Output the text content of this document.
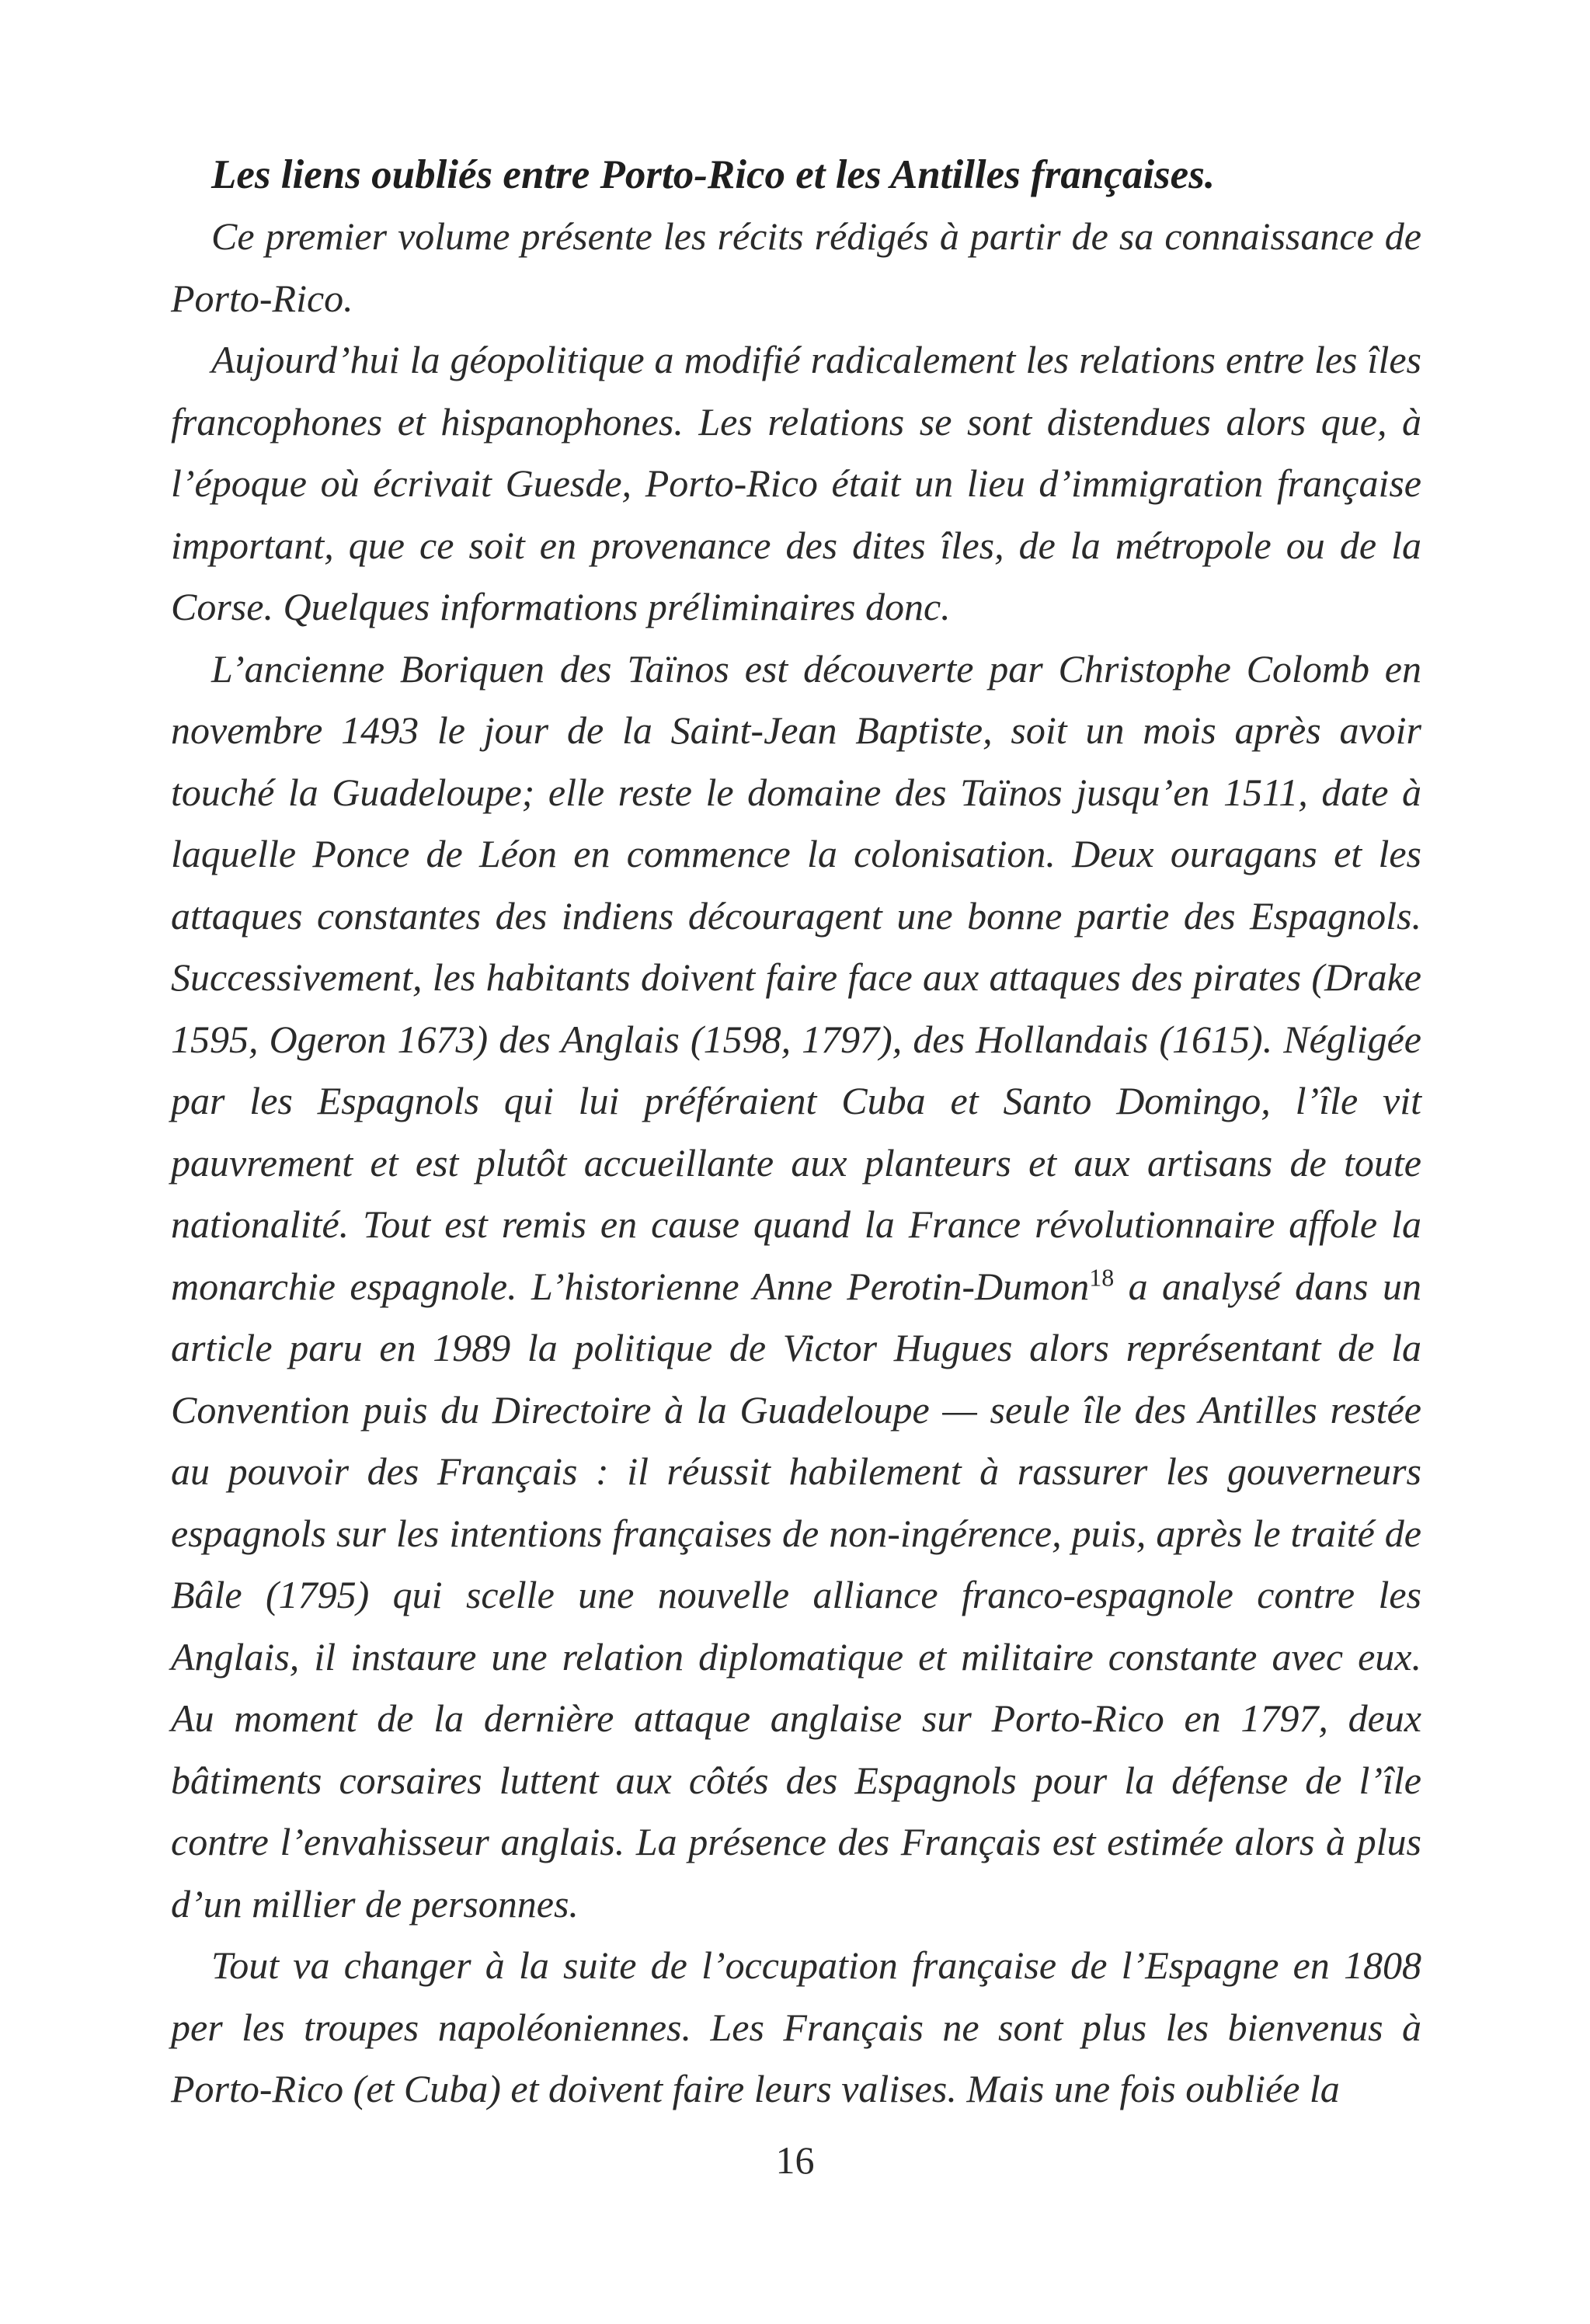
Les liens oubliés entre Porto-Rico et les Antilles françaises.

Ce premier volume présente les récits rédigés à partir de sa connaissance de Porto-Rico.

Aujourd’hui la géopolitique a modifié radicalement les relations entre les îles francophones et hispanophones. Les relations se sont distendues alors que, à l’époque où écrivait Guesde, Porto-Rico était un lieu d’immigration française important, que ce soit en provenance des dites îles, de la métropole ou de la Corse. Quelques informations préliminaires donc.

L’ancienne Boriquen des Taïnos est découverte par Christophe Colomb en novembre 1493 le jour de la Saint-Jean Baptiste, soit un mois après avoir touché la Guadeloupe; elle reste le domaine des Taïnos jusqu’en 1511, date à laquelle Ponce de Léon en commence la colonisation. Deux ouragans et les attaques constantes des indiens découragent une bonne partie des Espagnols. Successivement, les habitants doivent faire face aux attaques des pirates (Drake 1595, Ogeron 1673) des Anglais (1598, 1797), des Hollandais (1615). Négligée par les Espagnols qui lui préféraient Cuba et Santo Domingo, l’île vit pauvrement et est plutôt accueillante aux planteurs et aux artisans de toute nationalité. Tout est remis en cause quand la France révolutionnaire affole la monarchie espagnole. L’historienne Anne Perotin-Dumon$^{18}$ a analysé dans un article paru en 1989 la politique de Victor Hugues alors représentant de la Convention puis du Directoire à la Guadeloupe — seule île des Antilles restée au pouvoir des Français : il réussit habilement à rassurer les gouverneurs espagnols sur les intentions françaises de non-ingérence, puis, après le traité de Bâle (1795) qui scelle une nouvelle alliance franco-espagnole contre les Anglais, il instaure une relation diplomatique et militaire constante avec eux. Au moment de la dernière attaque anglaise sur Porto-Rico en 1797, deux bâtiments corsaires luttent aux côtés des Espagnols pour la défense de l’île contre l’envahisseur anglais. La présence des Français est estimée alors à plus d’un millier de personnes.

Tout va changer à la suite de l’occupation française de l’Espagne en 1808 per les troupes napoléoniennes. Les Français ne sont plus les bienvenus à Porto-Rico (et Cuba) et doivent faire leurs valises. Mais une fois oubliée la

16
